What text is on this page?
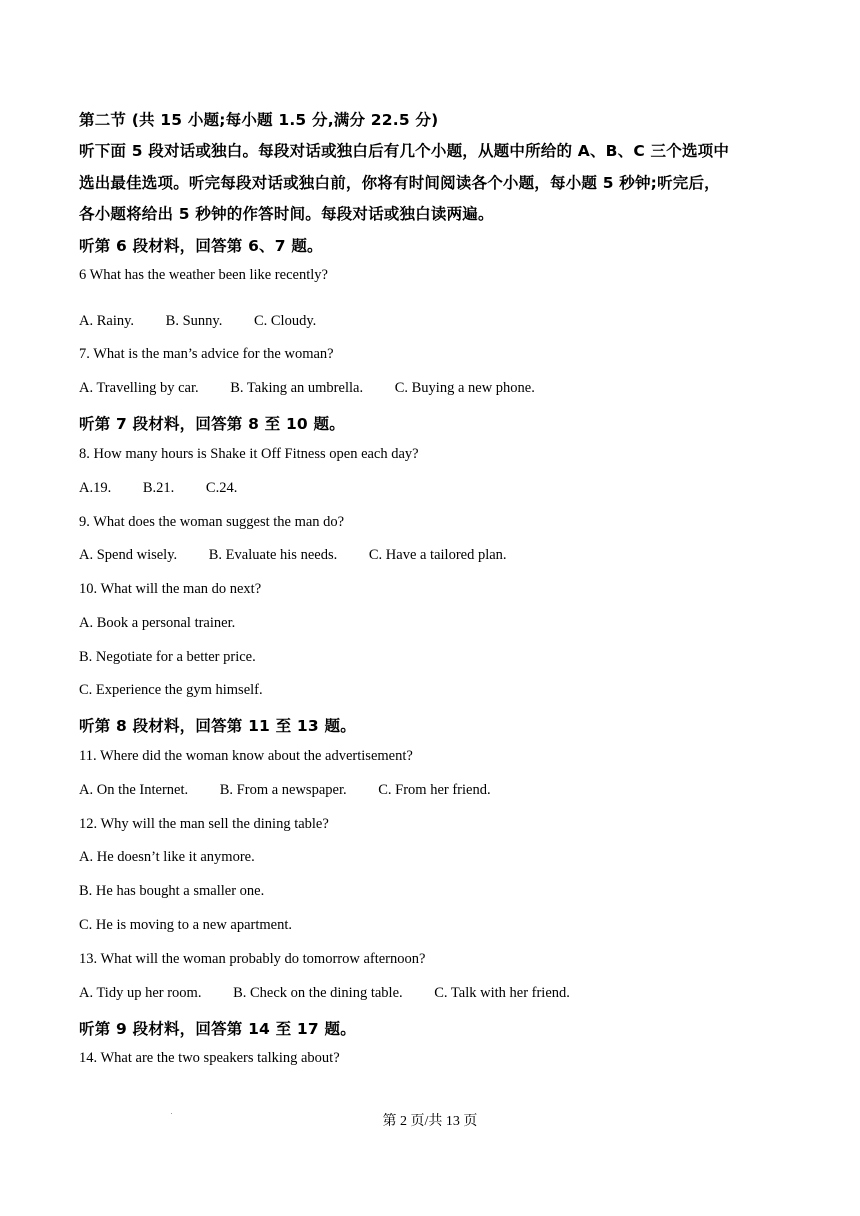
第二节 (共 15 小题;每小题 1.5 分,满分 22.5 分)
听下面 5 段对话或独白。每段对话或独白后有几个小题，从题中所给的 A、B、C 三个选项中
选出最佳选项。听完每段对话或独白前，你将有时间阅读各个小题，每小题 5 秒钟;听完后，
各小题将给出 5 秒钟的作答时间。每段对话或独白读两遍。
听第 6 段材料，回答第 6、7 题。
6 What has the weather been like recently?
A. Rainy. B. Sunny. C. Cloudy.
7. What is the man’s advice for the woman?
A. Travelling by car. B. Taking an umbrella. C. Buying a new phone.
听第 7 段材料，回答第 8 至 10 题。
8. How many hours is Shake it Off Fitness open each day?
A.19. B.21. C.24.
9. What does the woman suggest the man do?
A. Spend wisely. B. Evaluate his needs. C. Have a tailored plan.
10. What will the man do next?
A. Book a personal trainer.
B. Negotiate for a better price.
C. Experience the gym himself.
听第 8 段材料，回答第 11 至 13 题。
11. Where did the woman know about the advertisement?
A. On the Internet. B. From a newspaper. C. From her friend.
12. Why will the man sell the dining table?
A. He doesn’t like it anymore.
B. He has bought a smaller one.
C. He is moving to a new apartment.
13. What will the woman probably do tomorrow afternoon?
A. Tidy up her room. B. Check on the dining table. C. Talk with her friend.
听第 9 段材料，回答第 14 至 17 题。
14. What are the two speakers talking about?
第 2 页/共 13 页
